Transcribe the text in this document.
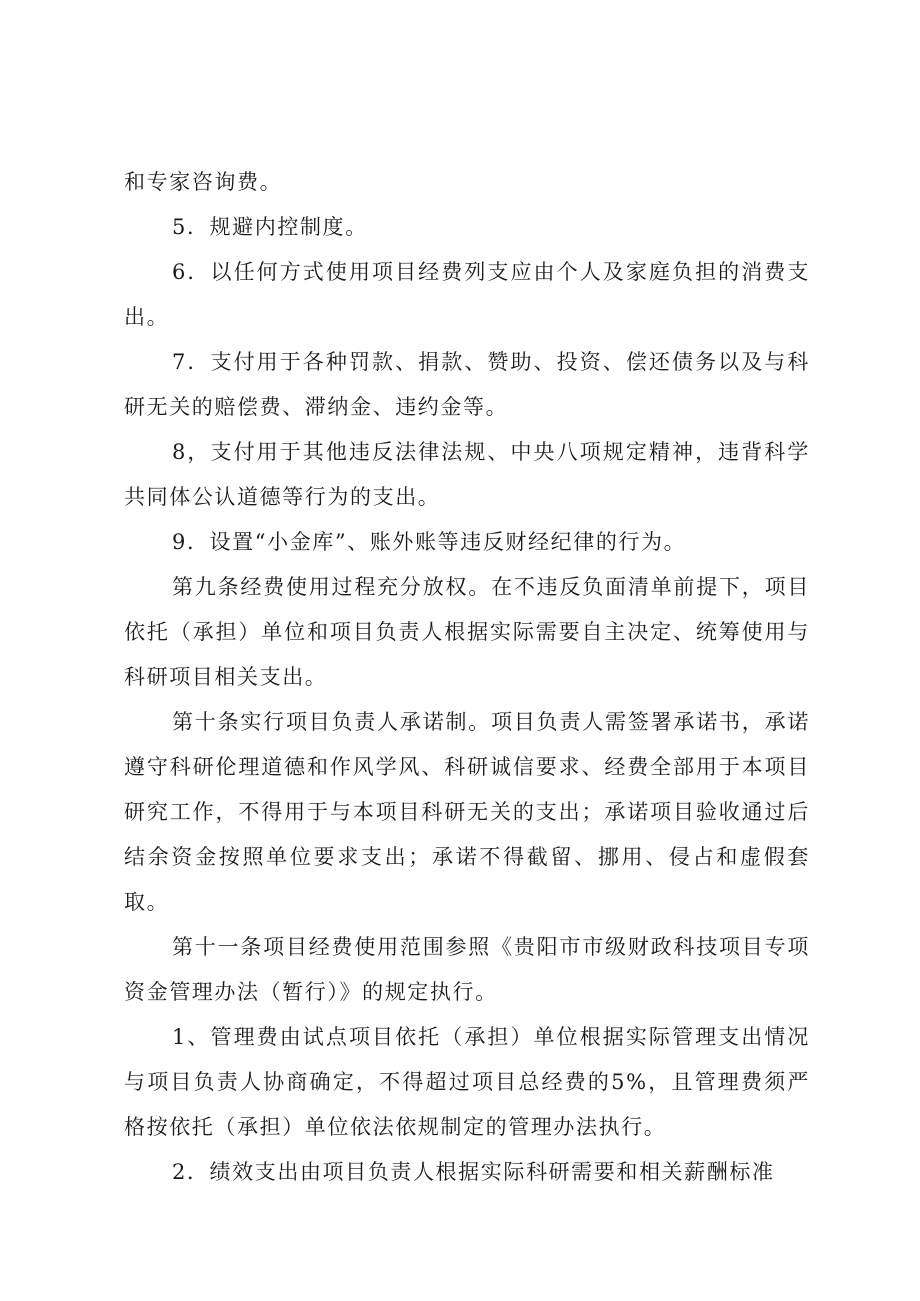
和专家咨询费。

5．规避内控制度。

6．以任何方式使用项目经费列支应由个人及家庭负担的消费支出。

7．支付用于各种罚款、捐款、赞助、投资、偿还债务以及与科研无关的赔偿费、滞纳金、违约金等。

8，支付用于其他违反法律法规、中央八项规定精神，违背科学共同体公认道德等行为的支出。

9．设置“小金库”、账外账等违反财经纪律的行为。

第九条经费使用过程充分放权。在不违反负面清单前提下，项目依托（承担）单位和项目负责人根据实际需要自主决定、统筹使用与科研项目相关支出。

第十条实行项目负责人承诺制。项目负责人需签署承诺书，承诺遵守科研伦理道德和作风学风、科研诚信要求、经费全部用于本项目研究工作，不得用于与本项目科研无关的支出；承诺项目验收通过后结余资金按照单位要求支出；承诺不得截留、挪用、侵占和虚假套取。

第十一条项目经费使用范围参照《贵阳市市级财政科技项目专项资金管理办法（暂行）》的规定执行。

1、管理费由试点项目依托（承担）单位根据实际管理支出情况与项目负责人协商确定，不得超过项目总经费的5%，且管理费须严格按依托（承担）单位依法依规制定的管理办法执行。

2．绩效支出由项目负责人根据实际科研需要和相关薪酬标准
